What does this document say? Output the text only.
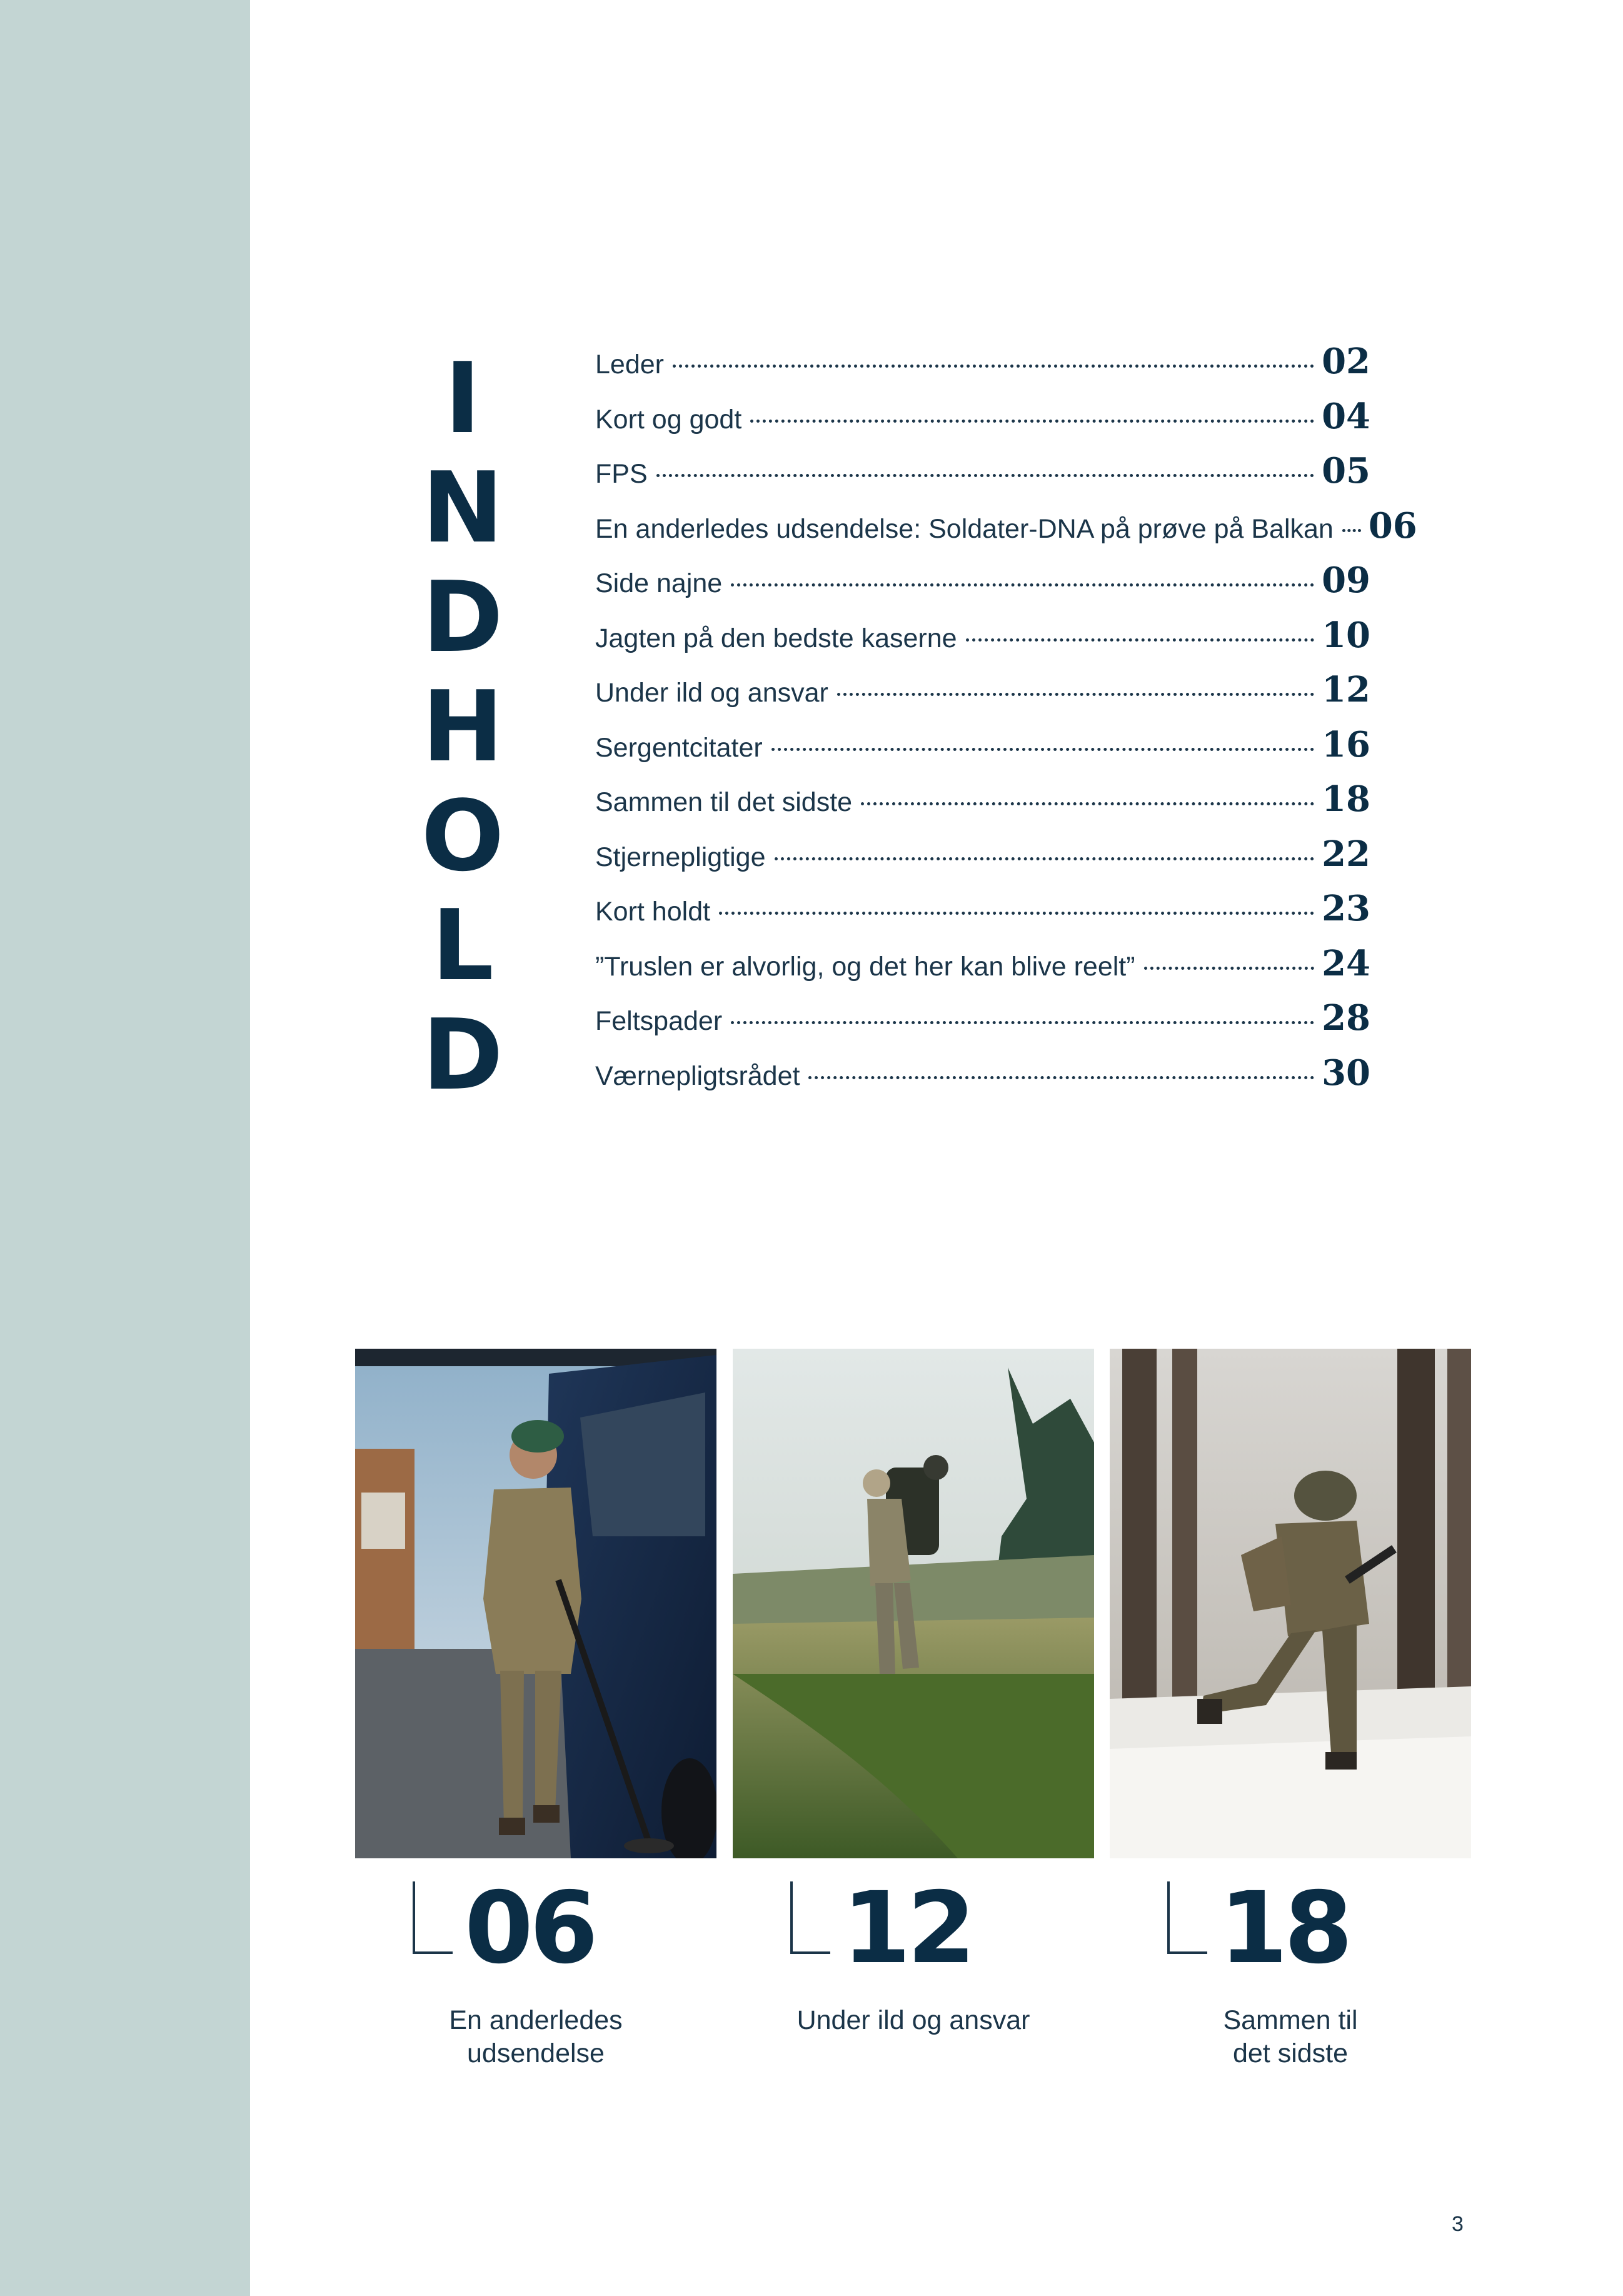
I
N
D
H
O
L
D
Leder	02
Kort og godt	04
FPS	05
En anderledes udsendelse: Soldater-DNA på prøve på Balkan 06
Side najne	09
Jagten på den bedste kaserne	10
Under ild og ansvar	12
Sergentcitater	16
Sammen til det sidste	18
Stjernepligtige	22
Kort holdt	23
”Truslen er alvorlig, og det her kan blive reelt”	24
Feltspader	28
Værnepligtsrådet	30
06
En anderledes
udsendelse
12
Under ild og ansvar
18
Sammen til
det sidste
3
